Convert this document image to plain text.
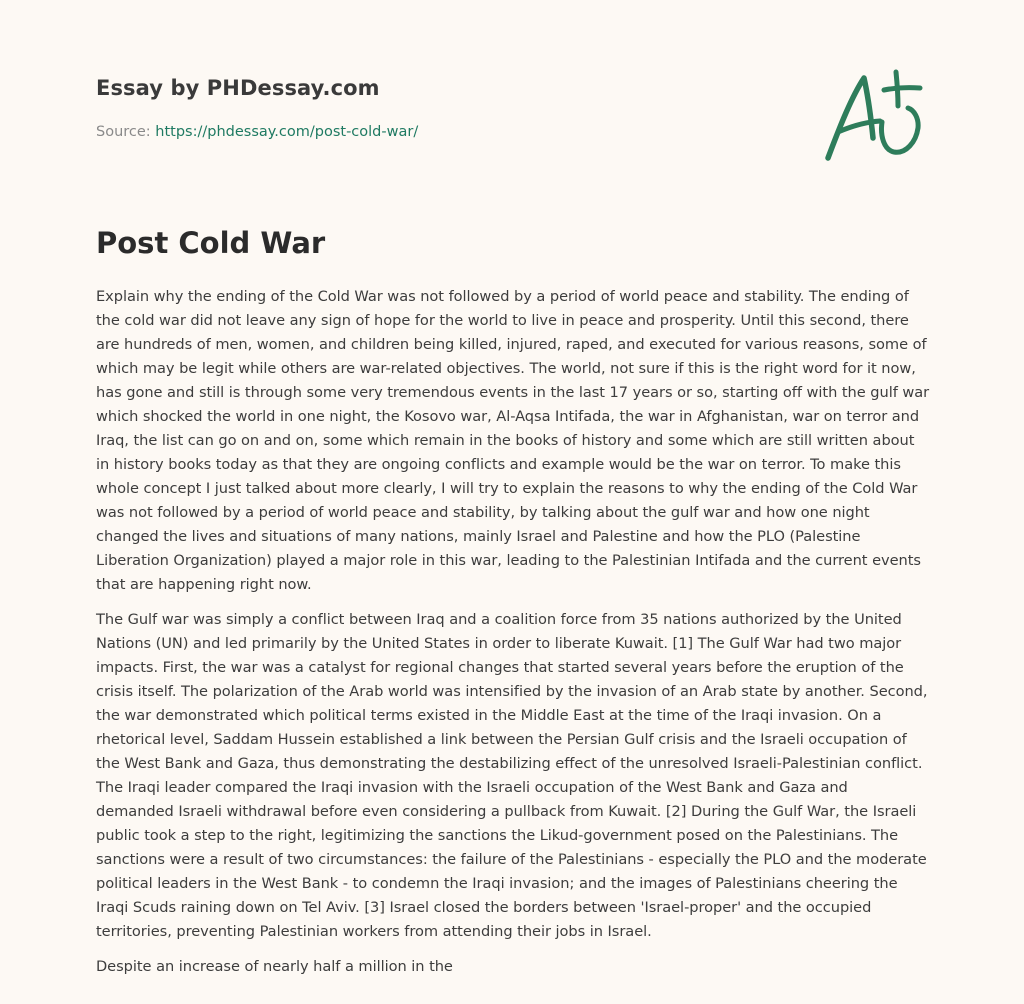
Essay by PHDessay.com
Source: https://phdessay.com/post-cold-war/
Post Cold War

Explain why the ending of the Cold War was not followed by a period of world peace and stability. The ending of the cold war did not leave any sign of hope for the world to live in peace and prosperity. Until this second, there are hundreds of men, women, and children being killed, injured, raped, and executed for various reasons, some of which may be legit while others are war-related objectives. The world, not sure if this is the right word for it now, has gone and still is through some very tremendous events in the last 17 years or so, starting off with the gulf war which shocked the world in one night, the Kosovo war, Al-Aqsa Intifada, the war in Afghanistan, war on terror and Iraq, the list can go on and on, some which remain in the books of history and some which are still written about in history books today as that they are ongoing conflicts and example would be the war on terror. To make this whole concept I just talked about more clearly, I will try to explain the reasons to why the ending of the Cold War was not followed by a period of world peace and stability, by talking about the gulf war and how one night changed the lives and situations of many nations, mainly Israel and Palestine and how the PLO (Palestine Liberation Organization) played a major role in this war, leading to the Palestinian Intifada and the current events that are happening right now.

The Gulf war was simply a conflict between Iraq and a coalition force from 35 nations authorized by the United Nations (UN) and led primarily by the United States in order to liberate Kuwait. [1] The Gulf War had two major impacts. First, the war was a catalyst for regional changes that started several years before the eruption of the crisis itself. The polarization of the Arab world was intensified by the invasion of an Arab state by another. Second, the war demonstrated which political terms existed in the Middle East at the time of the Iraqi invasion. On a rhetorical level, Saddam Hussein established a link between the Persian Gulf crisis and the Israeli occupation of the West Bank and Gaza, thus demonstrating the destabilizing effect of the unresolved Israeli-Palestinian conflict. The Iraqi leader compared the Iraqi invasion with the Israeli occupation of the West Bank and Gaza and demanded Israeli withdrawal before even considering a pullback from Kuwait. [2] During the Gulf War, the Israeli public took a step to the right, legitimizing the sanctions the Likud-government posed on the Palestinians. The sanctions were a result of two circumstances: the failure of the Palestinians - especially the PLO and the moderate political leaders in the West Bank - to condemn the Iraqi invasion; and the images of Palestinians cheering the Iraqi Scuds raining down on Tel Aviv. [3] Israel closed the borders between 'Israel-proper' and the occupied territories, preventing Palestinian workers from attending their jobs in Israel.

Despite an increase of nearly half a million in the
